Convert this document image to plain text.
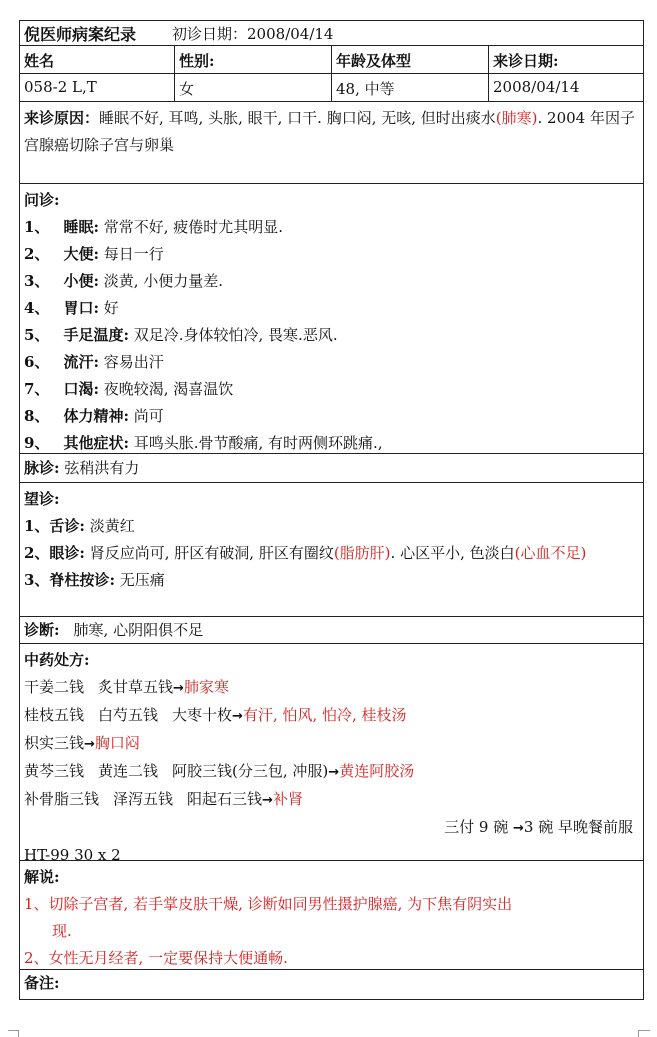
倪医师病案纪录 初诊日期：2008/04/14
姓名	性别:	年龄及体型	来诊日期:
058-2 L,T	女	48, 中等	2008/04/14
来诊原因：睡眠不好, 耳鸣, 头胀, 眼干, 口干. 胸口闷, 无咳, 但时出痰水(肺寒). 2004 年因子宫腺癌切除子宫与卵巢
问诊:
1、 睡眠: 常常不好, 疲倦时尤其明显.
2、 大便: 每日一行
3、 小便: 淡黄, 小便力量差.
4、 胃口: 好
5、 手足温度: 双足冷.身体较怕冷, 畏寒.恶风.
6、 流汗: 容易出汗
7、 口渴: 夜晚较渴, 渴喜温饮
8、 体力精神: 尚可
9、 其他症状: 耳鸣头胀.骨节酸痛, 有时两侧环跳痛.,
脉诊: 弦稍洪有力
望诊:
1、舌诊: 淡黄红
2、眼诊: 肾反应尚可, 肝区有破洞, 肝区有圈纹(脂肪肝). 心区平小, 色淡白(心血不足)
3、脊柱按诊: 无压痛
诊断: 肺寒, 心阴阳俱不足
中药处方:
干姜二钱 炙甘草五钱→肺家寒
桂枝五钱 白芍五钱 大枣十枚→有汗, 怕风, 怕冷, 桂枝汤
枳实三钱→胸口闷
黄芩三钱 黄连二钱 阿胶三钱(分三包, 冲服)→黄连阿胶汤
补骨脂三钱 泽泻五钱 阳起石三钱→补肾
三付 9 碗 →3 碗 早晚餐前服
HT-99 30 x 2
解说:
1、切除子宫者, 若手掌皮肤干燥, 诊断如同男性摄护腺癌, 为下焦有阴实出
现.
2、女性无月经者, 一定要保持大便通畅.
备注:
